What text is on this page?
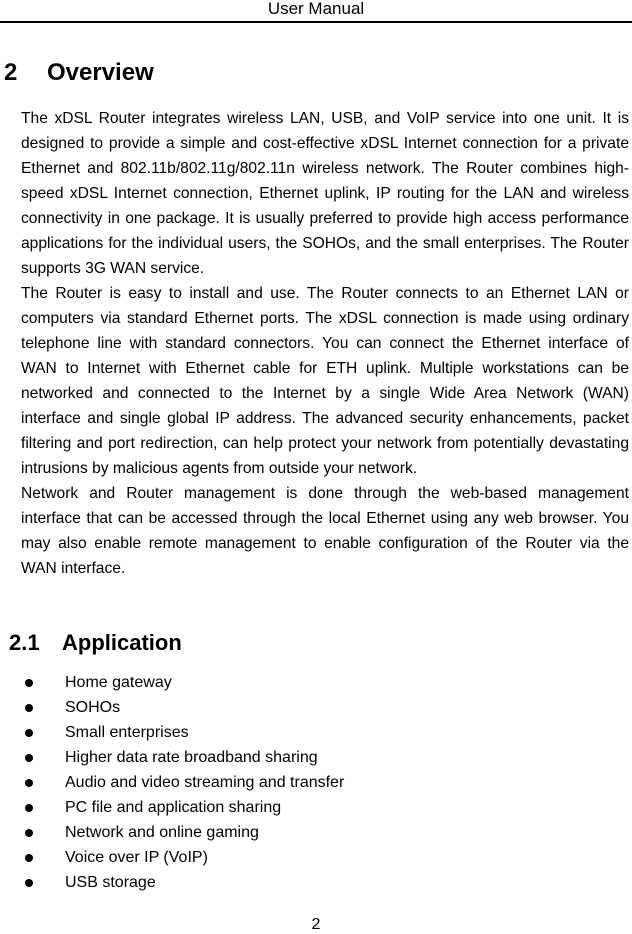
User Manual
2 Overview

The xDSL Router integrates wireless LAN, USB, and VoIP service into one unit. It is designed to provide a simple and cost-effective xDSL Internet connection for a private Ethernet and 802.11b/802.11g/802.11n wireless network. The Router combines high-speed xDSL Internet connection, Ethernet uplink, IP routing for the LAN and wireless connectivity in one package. It is usually preferred to provide high access performance applications for the individual users, the SOHOs, and the small enterprises. The Router supports 3G WAN service.

The Router is easy to install and use. The Router connects to an Ethernet LAN or computers via standard Ethernet ports. The xDSL connection is made using ordinary telephone line with standard connectors. You can connect the Ethernet interface of WAN to Internet with Ethernet cable for ETH uplink. Multiple workstations can be networked and connected to the Internet by a single Wide Area Network (WAN) interface and single global IP address. The advanced security enhancements, packet filtering and port redirection, can help protect your network from potentially devastating intrusions by malicious agents from outside your network.

Network and Router management is done through the web-based management interface that can be accessed through the local Ethernet using any web browser. You may also enable remote management to enable configuration of the Router via the WAN interface.

2.1 Application
Home gateway
SOHOs
Small enterprises
Higher data rate broadband sharing
Audio and video streaming and transfer
PC file and application sharing
Network and online gaming
Voice over IP (VoIP)
USB storage
2
